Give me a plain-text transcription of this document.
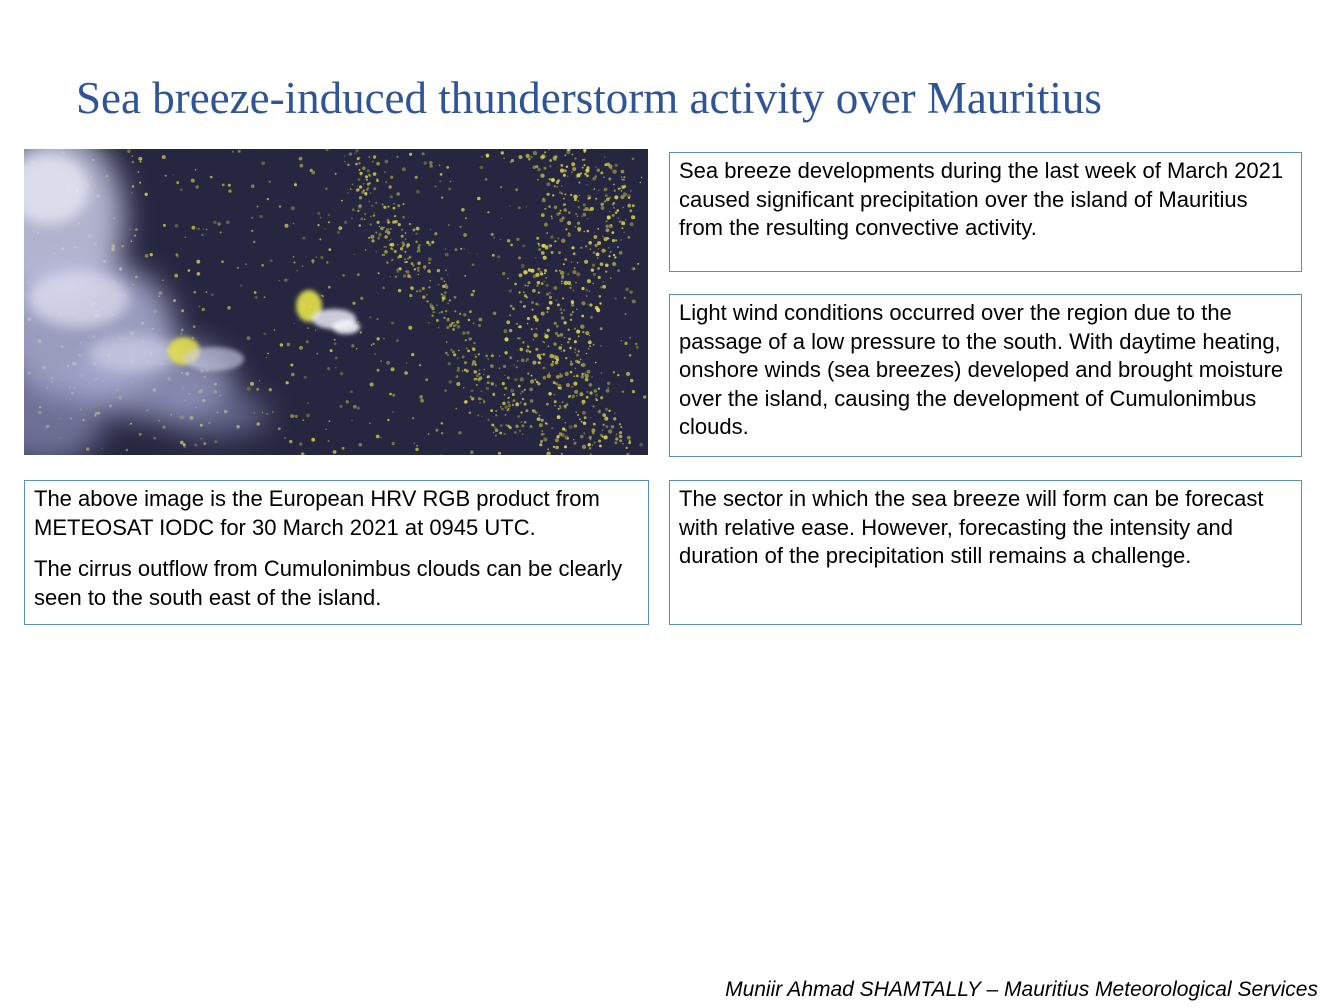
Sea breeze-induced thunderstorm activity over Mauritius

Sea breeze developments during the last week of March 2021 caused significant precipitation over the island of Mauritius from the resulting convective activity.

Light wind conditions occurred over the region due to the passage of a low pressure to the south. With daytime heating, onshore winds (sea breezes) developed and brought moisture over the island, causing the development of Cumulonimbus clouds.

The above image is the European HRV RGB product from METEOSAT IODC for 30 March 2021 at 0945 UTC.

The cirrus outflow from Cumulonimbus clouds can be clearly seen to the south east of the island.

The sector in which the sea breeze will form can be forecast with relative ease. However, forecasting the intensity and duration of the precipitation still remains a challenge.

Muniir Ahmad SHAMTALLY – Mauritius Meteorological Services
